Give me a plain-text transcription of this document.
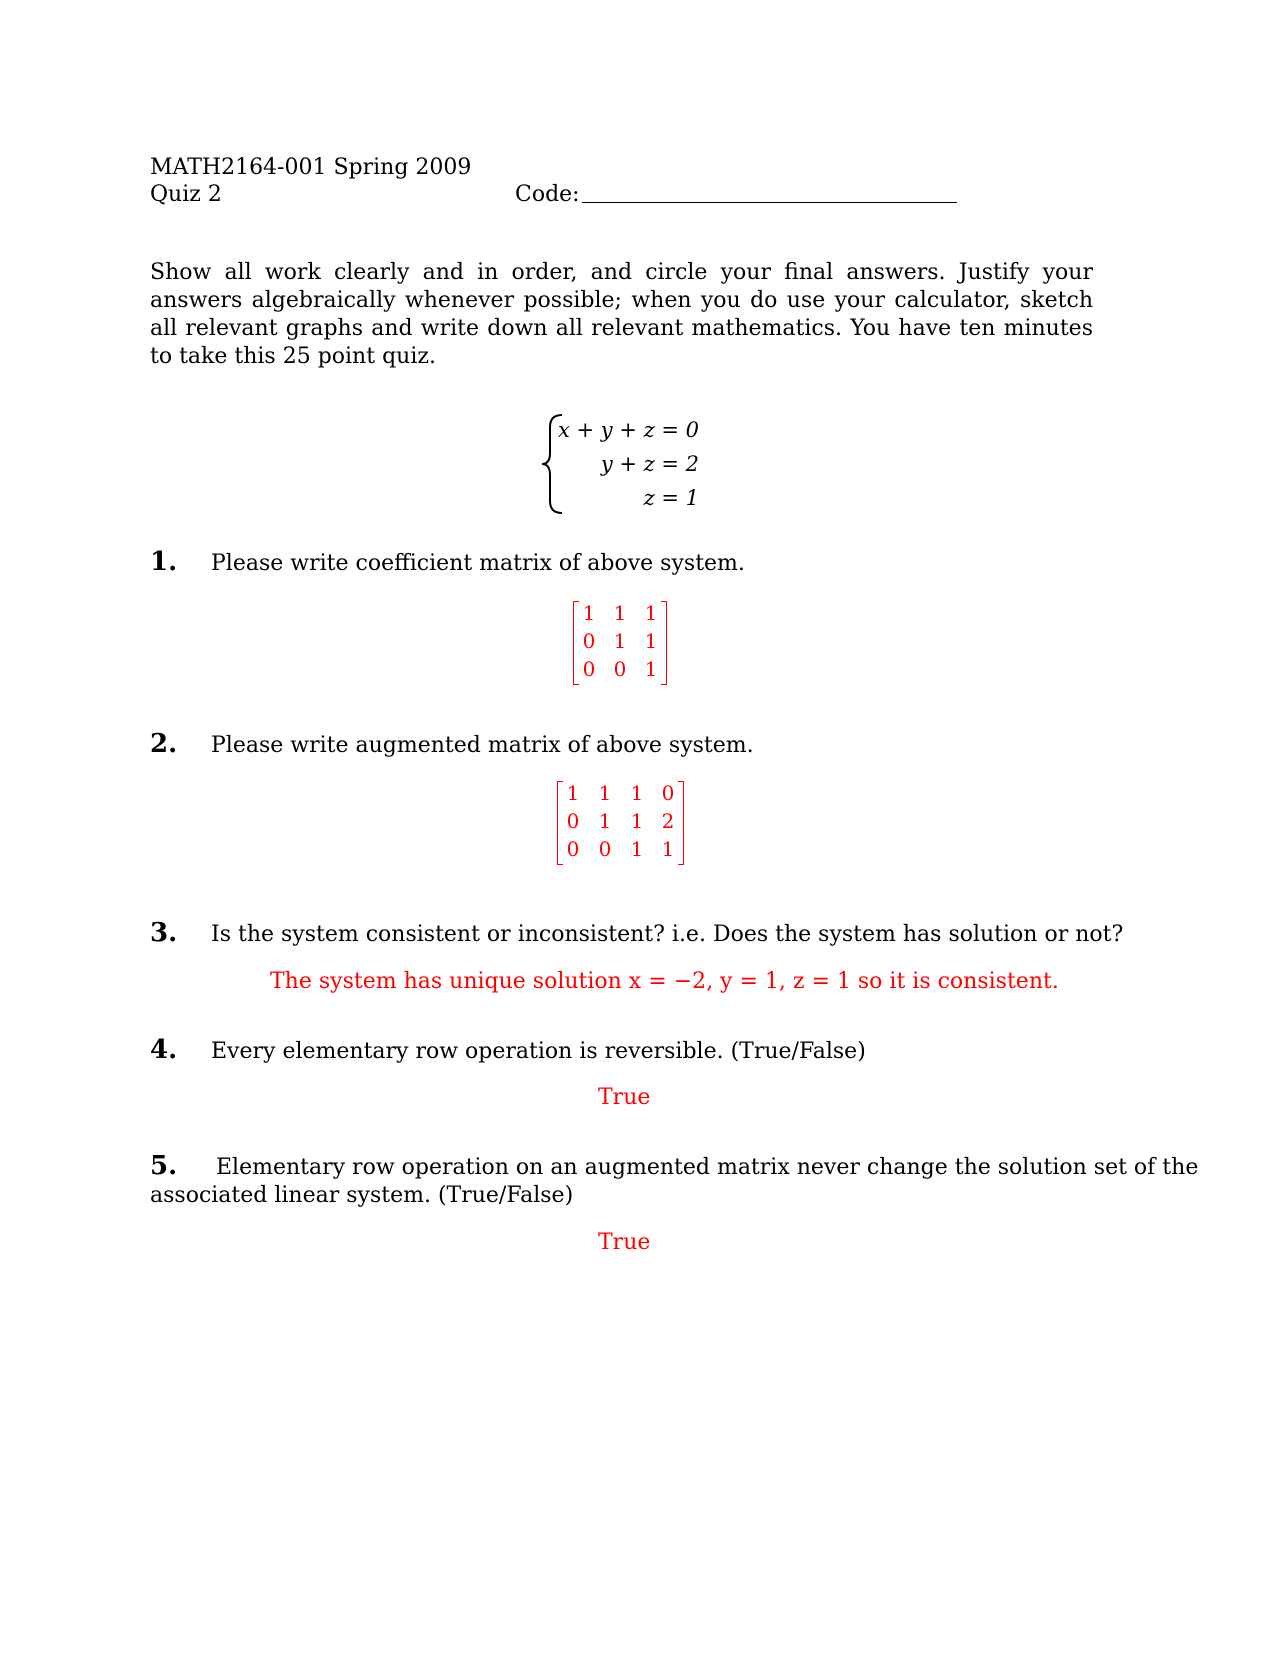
MATH2164-001 Spring 2009
Quiz 2	Code:
Show all work clearly and in order, and circle your final answers. Justify your answers algebraically whenever possible; when you do use your calculator, sketch all relevant graphs and write down all relevant mathematics. You have ten minutes to take this 25 point quiz.
x + y + z = 0
y + z = 2
z = 1
1. Please write coefficient matrix of above system.
1 1 1
0 1 1
0 0 1
2. Please write augmented matrix of above system.
1 1 1 0
0 1 1 2
0 0 1 1
3. Is the system consistent or inconsistent? i.e. Does the system has solution or not?
The system has unique solution x = −2, y = 1, z = 1 so it is consistent.
4. Every elementary row operation is reversible. (True/False)
True
5. Elementary row operation on an augmented matrix never change the solution set of the
associated linear system. (True/False)
True
